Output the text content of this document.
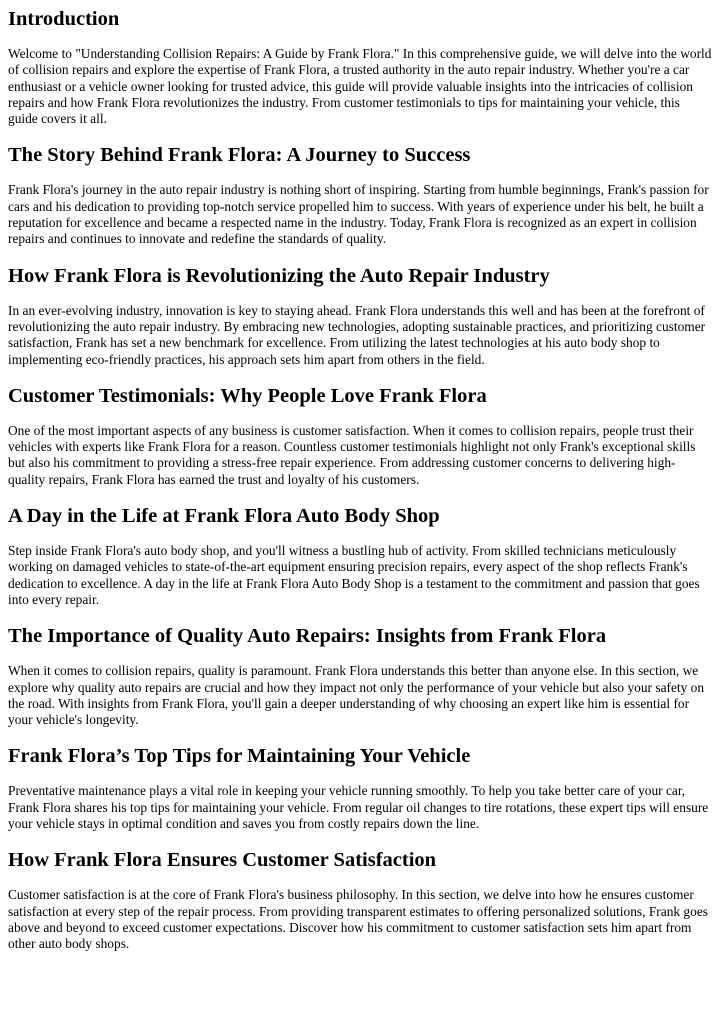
Introduction

Welcome to "Understanding Collision Repairs: A Guide by Frank Flora." In this comprehensive guide, we will delve into the world of collision repairs and explore the expertise of Frank Flora, a trusted authority in the auto repair industry. Whether you're a car enthusiast or a vehicle owner looking for trusted advice, this guide will provide valuable insights into the intricacies of collision repairs and how Frank Flora revolutionizes the industry. From customer testimonials to tips for maintaining your vehicle, this guide covers it all.

The Story Behind Frank Flora: A Journey to Success

Frank Flora's journey in the auto repair industry is nothing short of inspiring. Starting from humble beginnings, Frank's passion for cars and his dedication to providing top-notch service propelled him to success. With years of experience under his belt, he built a reputation for excellence and became a respected name in the industry. Today, Frank Flora is recognized as an expert in collision repairs and continues to innovate and redefine the standards of quality.

How Frank Flora is Revolutionizing the Auto Repair Industry

In an ever-evolving industry, innovation is key to staying ahead. Frank Flora understands this well and has been at the forefront of revolutionizing the auto repair industry. By embracing new technologies, adopting sustainable practices, and prioritizing customer satisfaction, Frank has set a new benchmark for excellence. From utilizing the latest technologies at his auto body shop to implementing eco-friendly practices, his approach sets him apart from others in the field.

Customer Testimonials: Why People Love Frank Flora

One of the most important aspects of any business is customer satisfaction. When it comes to collision repairs, people trust their vehicles with experts like Frank Flora for a reason. Countless customer testimonials highlight not only Frank's exceptional skills but also his commitment to providing a stress-free repair experience. From addressing customer concerns to delivering high-quality repairs, Frank Flora has earned the trust and loyalty of his customers.

A Day in the Life at Frank Flora Auto Body Shop

Step inside Frank Flora's auto body shop, and you'll witness a bustling hub of activity. From skilled technicians meticulously working on damaged vehicles to state-of-the-art equipment ensuring precision repairs, every aspect of the shop reflects Frank's dedication to excellence. A day in the life at Frank Flora Auto Body Shop is a testament to the commitment and passion that goes into every repair.

The Importance of Quality Auto Repairs: Insights from Frank Flora

When it comes to collision repairs, quality is paramount. Frank Flora understands this better than anyone else. In this section, we explore why quality auto repairs are crucial and how they impact not only the performance of your vehicle but also your safety on the road. With insights from Frank Flora, you'll gain a deeper understanding of why choosing an expert like him is essential for your vehicle's longevity.

Frank Flora’s Top Tips for Maintaining Your Vehicle

Preventative maintenance plays a vital role in keeping your vehicle running smoothly. To help you take better care of your car, Frank Flora shares his top tips for maintaining your vehicle. From regular oil changes to tire rotations, these expert tips will ensure your vehicle stays in optimal condition and saves you from costly repairs down the line.

How Frank Flora Ensures Customer Satisfaction

Customer satisfaction is at the core of Frank Flora's business philosophy. In this section, we delve into how he ensures customer satisfaction at every step of the repair process. From providing transparent estimates to offering personalized solutions, Frank goes above and beyond to exceed customer expectations. Discover how his commitment to customer satisfaction sets him apart from other auto body shops.
